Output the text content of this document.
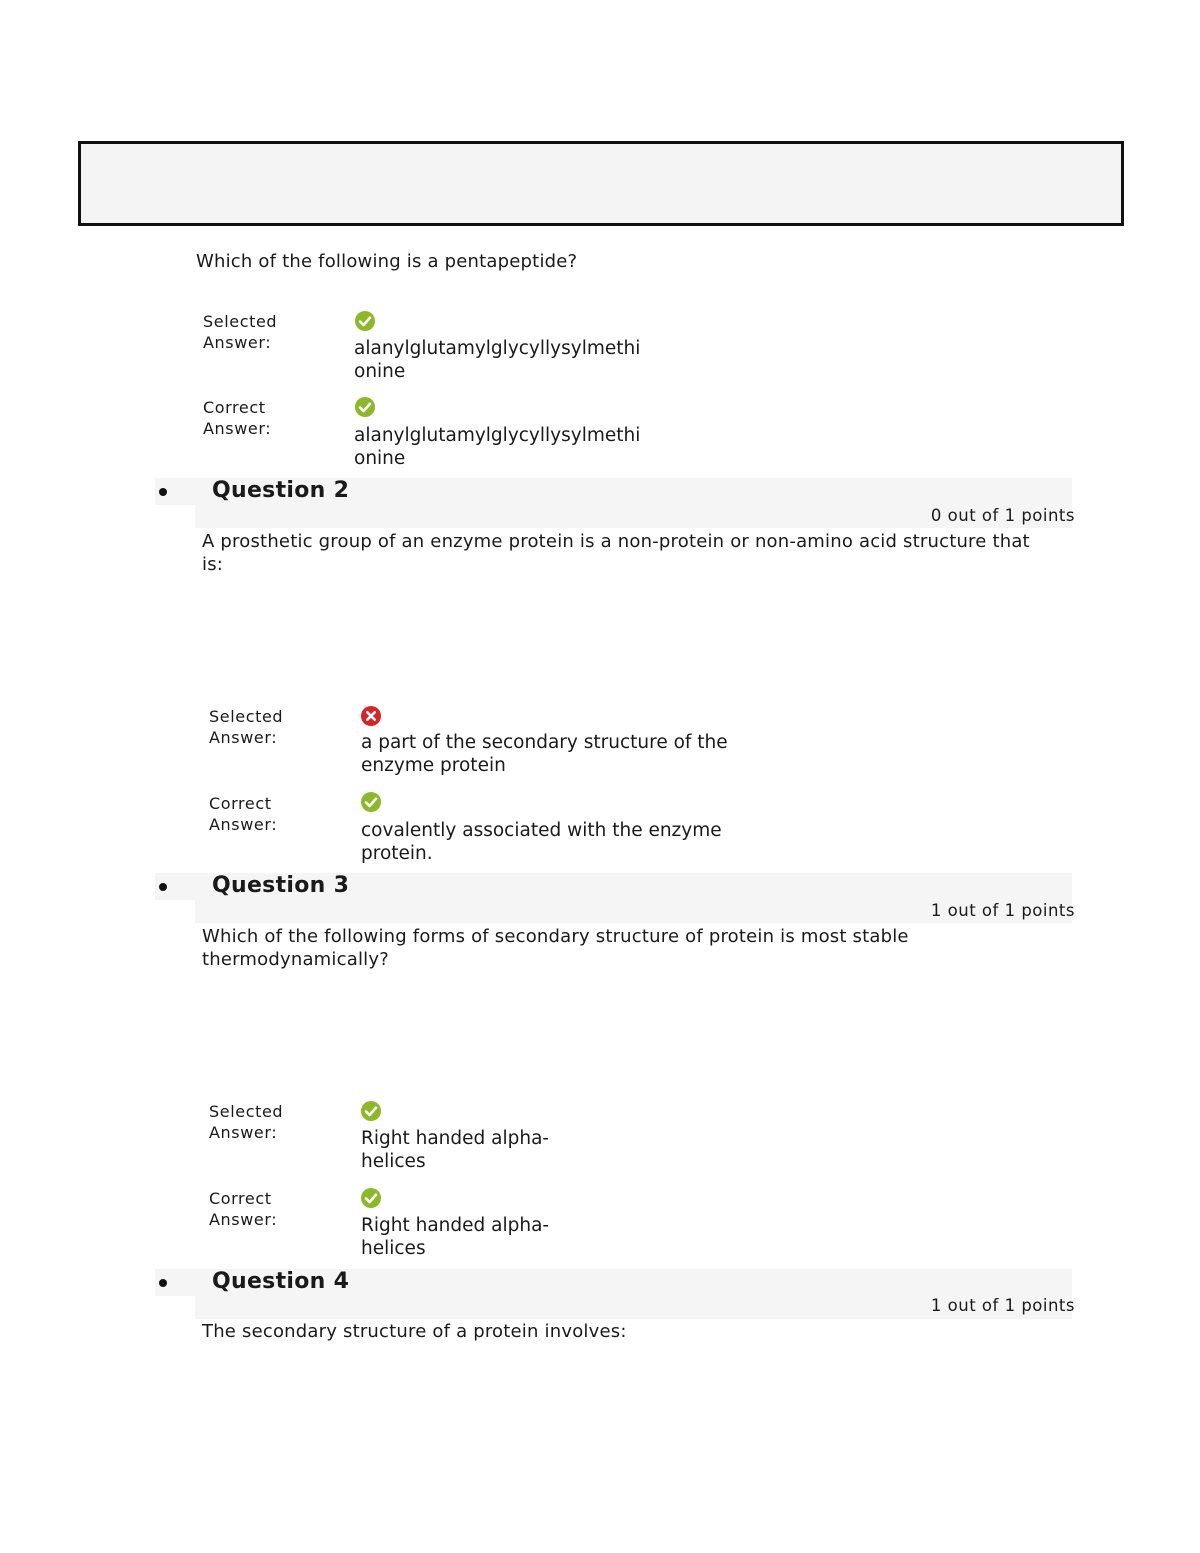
Which of the following is a pentapeptide?
Selected
Answer:	alanylglutamylglycyllysylmethi
onine
Correct
Answer:	alanylglutamylglycyllysylmethi
onine
Question 2
0 out of 1 points
A prosthetic group of an enzyme protein is a non-protein or non-amino acid structure that
is:
Selected
Answer:	a part of the secondary structure of the
enzyme protein
Correct
Answer:	covalently associated with the enzyme
protein.
Question 3
1 out of 1 points
Which of the following forms of secondary structure of protein is most stable
thermodynamically?
Selected
Answer:	Right handed alpha-
helices
Correct
Answer:	Right handed alpha-
helices
Question 4
1 out of 1 points
The secondary structure of a protein involves:
